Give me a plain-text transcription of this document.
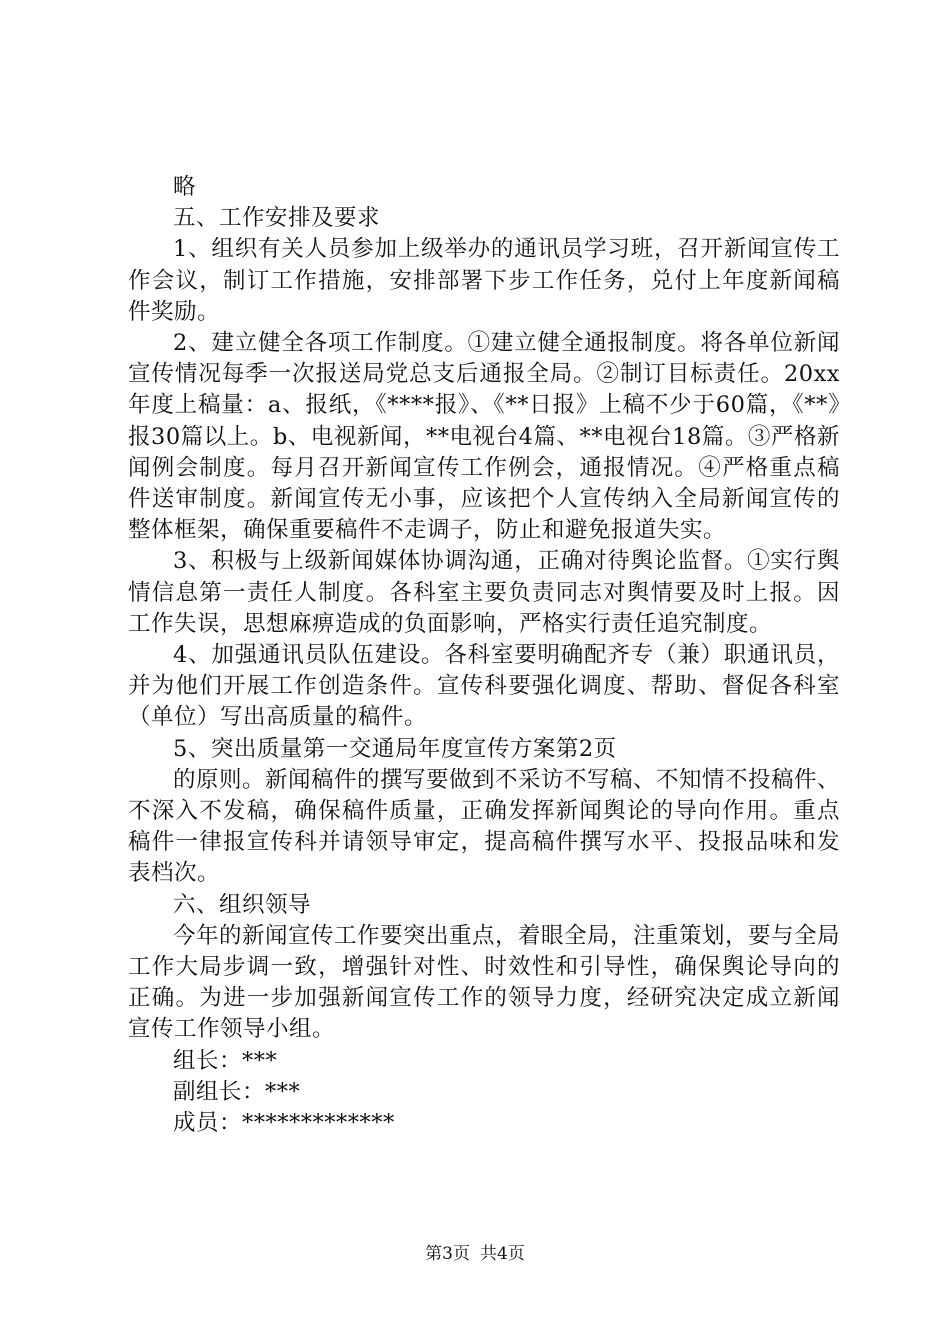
略

五、工作安排及要求

1、组织有关人员参加上级举办的通讯员学习班，召开新闻宣传工作会议，制订工作措施，安排部署下步工作任务，兑付上年度新闻稿件奖励。

2、建立健全各项工作制度。①建立健全通报制度。将各单位新闻宣传情况每季一次报送局党总支后通报全局。②制订目标责任。20xx年度上稿量：a、报纸，《****报》、《**日报》上稿不少于60篇，《**》报30篇以上。b、电视新闻，**电视台4篇、**电视台18篇。③严格新闻例会制度。每月召开新闻宣传工作例会，通报情况。④严格重点稿件送审制度。新闻宣传无小事，应该把个人宣传纳入全局新闻宣传的整体框架，确保重要稿件不走调子，防止和避免报道失实。

3、积极与上级新闻媒体协调沟通，正确对待舆论监督。①实行舆情信息第一责任人制度。各科室主要负责同志对舆情要及时上报。因工作失误，思想麻痹造成的负面影响，严格实行责任追究制度。

4、加强通讯员队伍建设。各科室要明确配齐专（兼）职通讯员，并为他们开展工作创造条件。宣传科要强化调度、帮助、督促各科室（单位）写出高质量的稿件。

5、突出质量第一交通局年度宣传方案第2页

的原则。新闻稿件的撰写要做到不采访不写稿、不知情不投稿件、不深入不发稿，确保稿件质量，正确发挥新闻舆论的导向作用。重点稿件一律报宣传科并请领导审定，提高稿件撰写水平、投报品味和发表档次。

六、组织领导

今年的新闻宣传工作要突出重点，着眼全局，注重策划，要与全局工作大局步调一致，增强针对性、时效性和引导性，确保舆论导向的正确。为进一步加强新闻宣传工作的领导力度，经研究决定成立新闻宣传工作领导小组。

组长：***

副组长：***

成员：*************

第3页 共4页
